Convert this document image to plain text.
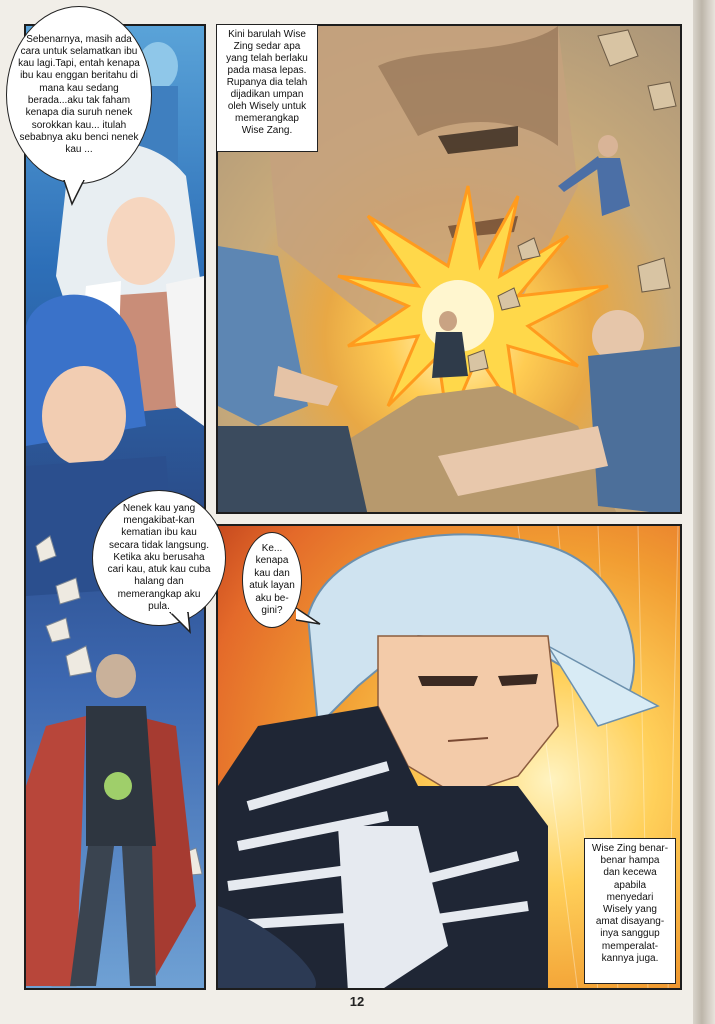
Sebenarnya, masih ada cara untuk selamatkan ibu kau lagi.Tapi, entah kenapa ibu kau enggan beritahu di mana kau sedang berada...aku tak faham kenapa dia suruh nenek sorokkan kau... itulah sebabnya aku benci nenek kau ...
Nenek kau yang mengakibat-kan kematian ibu kau secara tidak langsung. Ketika aku berusaha cari kau, atuk kau cuba halang dan memerangkap aku pula.
Ke... kenapa kau dan atuk layan aku be-gini?
Kini barulah Wise Zing sedar apa yang telah berlaku pada masa lepas. Rupanya dia telah dijadikan umpan oleh Wisely untuk memerangkap Wise Zang.
Wise Zing benar-benar hampa dan kecewa apabila menyedari Wisely yang amat disayang-inya sanggup memperalat-kannya juga.
12
